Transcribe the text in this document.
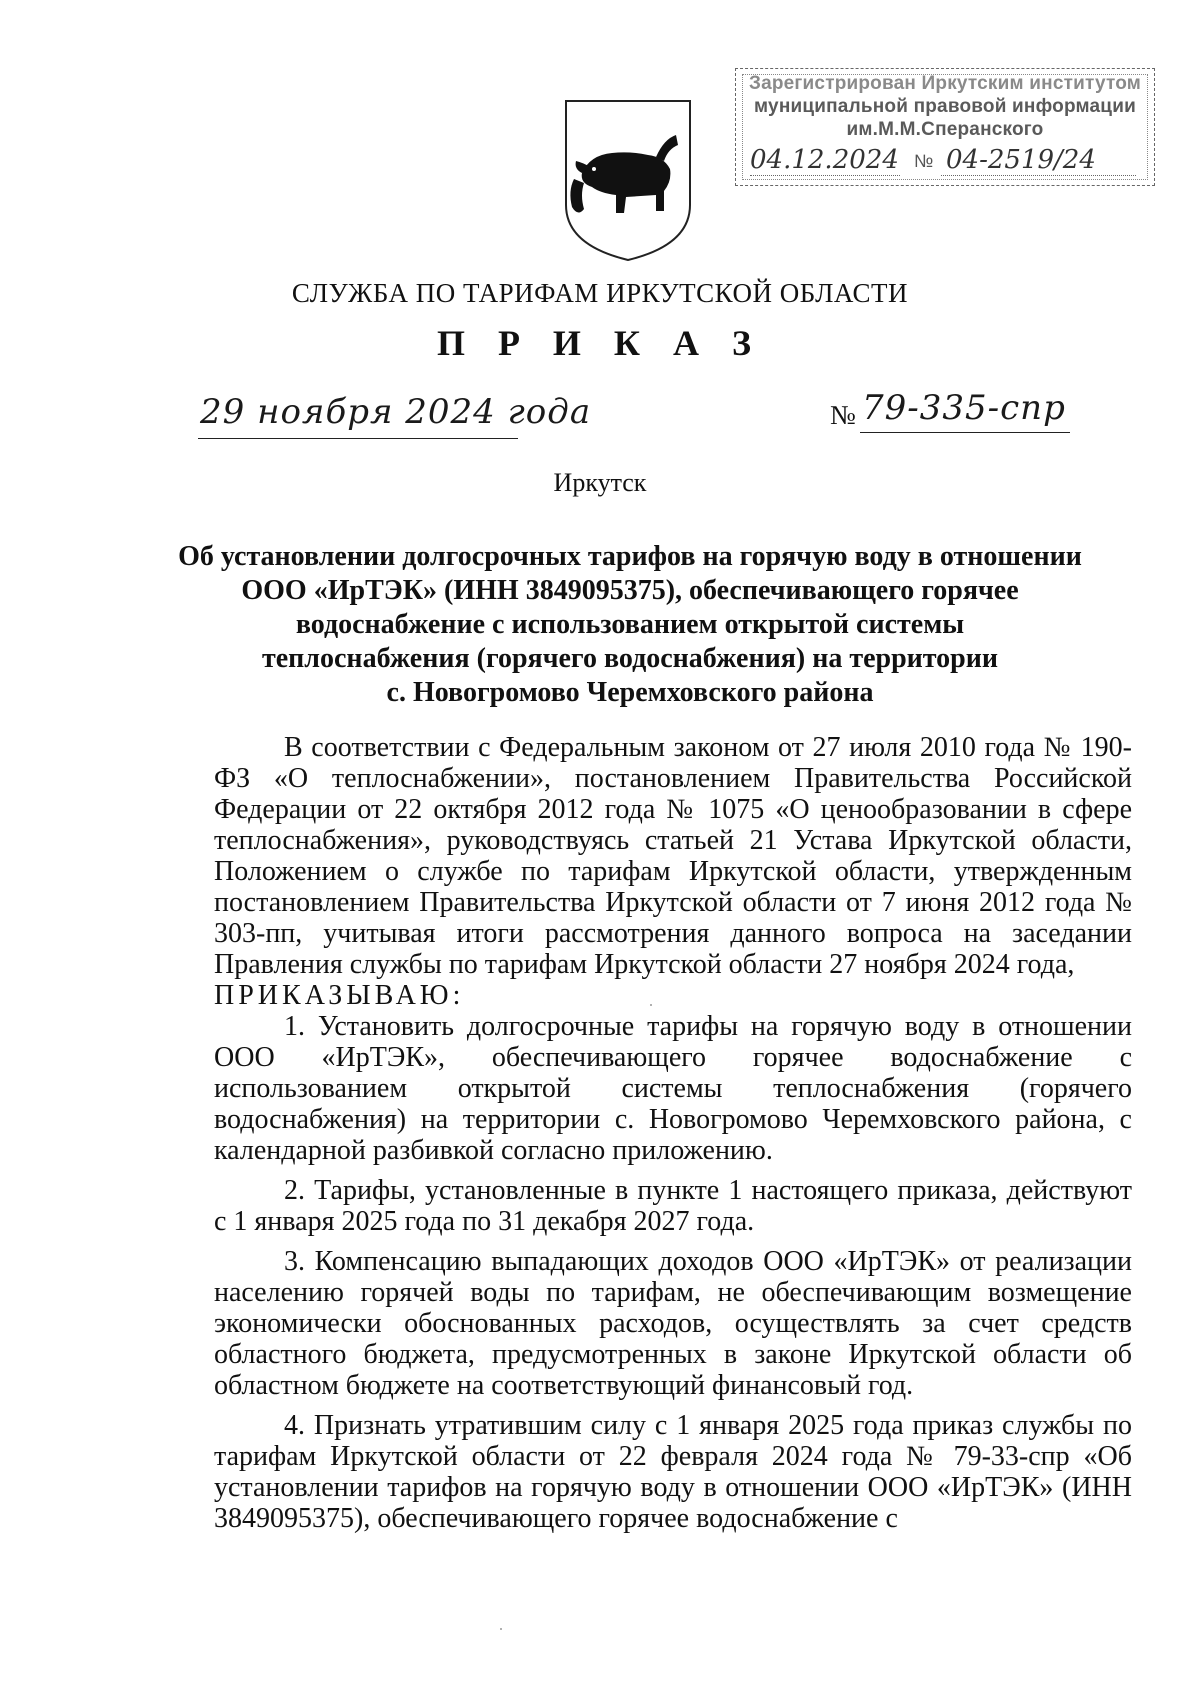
Зарегистрирован Иркутским институтом
муниципальной правовой информации
им.М.М.Сперанского
04.12.2024 № 04-2519/24
СЛУЖБА ПО ТАРИФАМ ИРКУТСКОЙ ОБЛАСТИ
П Р И К А З
29 ноября 2024 года	№ 79-335-спр
Иркутск
Об установлении долгосрочных тарифов на горячую воду в отношении
ООО «ИрТЭК» (ИНН 3849095375), обеспечивающего горячее
водоснабжение с использованием открытой системы
теплоснабжения (горячего водоснабжения) на территории
с. Новогромово Черемховского района

В соответствии с Федеральным законом от 27 июля 2010 года № 190-ФЗ «О теплоснабжении», постановлением Правительства Российской Федерации от 22 октября 2012 года № 1075 «О ценообразовании в сфере теплоснабжения», руководствуясь статьей 21 Устава Иркутской области, Положением о службе по тарифам Иркутской области, утвержденным постановлением Правительства Иркутской области от 7 июня 2012 года № 303-пп, учитывая итоги рассмотрения данного вопроса на заседании Правления службы по тарифам Иркутской области 27 ноября 2024 года,

ПРИКАЗЫВАЮ:

1. Установить долгосрочные тарифы на горячую воду в отношении ООО «ИрТЭК», обеспечивающего горячее водоснабжение с использованием открытой системы теплоснабжения (горячего водоснабжения) на территории с. Новогромово Черемховского района, с календарной разбивкой согласно приложению.

2. Тарифы, установленные в пункте 1 настоящего приказа, действуют с 1 января 2025 года по 31 декабря 2027 года.

3. Компенсацию выпадающих доходов ООО «ИрТЭК» от реализации населению горячей воды по тарифам, не обеспечивающим возмещение экономически обоснованных расходов, осуществлять за счет средств областного бюджета, предусмотренных в законе Иркутской области об областном бюджете на соответствующий финансовый год.

4. Признать утратившим силу с 1 января 2025 года приказ службы по тарифам Иркутской области от 22 февраля 2024 года № 79-33-спр «Об установлении тарифов на горячую воду в отношении ООО «ИрТЭК» (ИНН 3849095375), обеспечивающего горячее водоснабжение с
